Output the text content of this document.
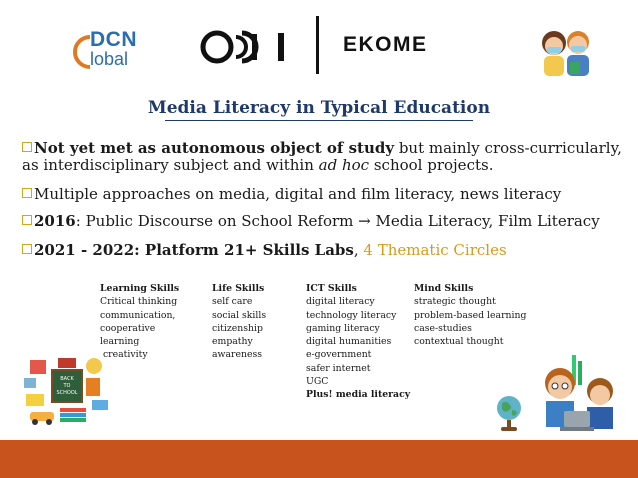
DCN
lobal
EKOME
Media Literacy in Typical Education
Not yet met as autonomous object of study but mainly cross-curricularly, as interdisciplinary subject and within ad hoc school projects.
Multiple approaches on media, digital and film literacy, news literacy
2016: Public Discourse on School Reform → Media Literacy, Film Literacy
2021 - 2022: Platform 21+ Skills Labs, 4 Thematic Circles
Learning Skills
Critical thinking
communication,
cooperative
learning
creativity
Life Skills
self care
social skills
citizenship
empathy
awareness
ICT Skills
digital literacy
technology literacy
gaming literacy
digital humanities
e-government
safer internet
UGC
Plus! media literacy
Mind Skills
strategic thought
problem-based learning
case-studies
contextual thought
BACK
TO
SCHOOL
